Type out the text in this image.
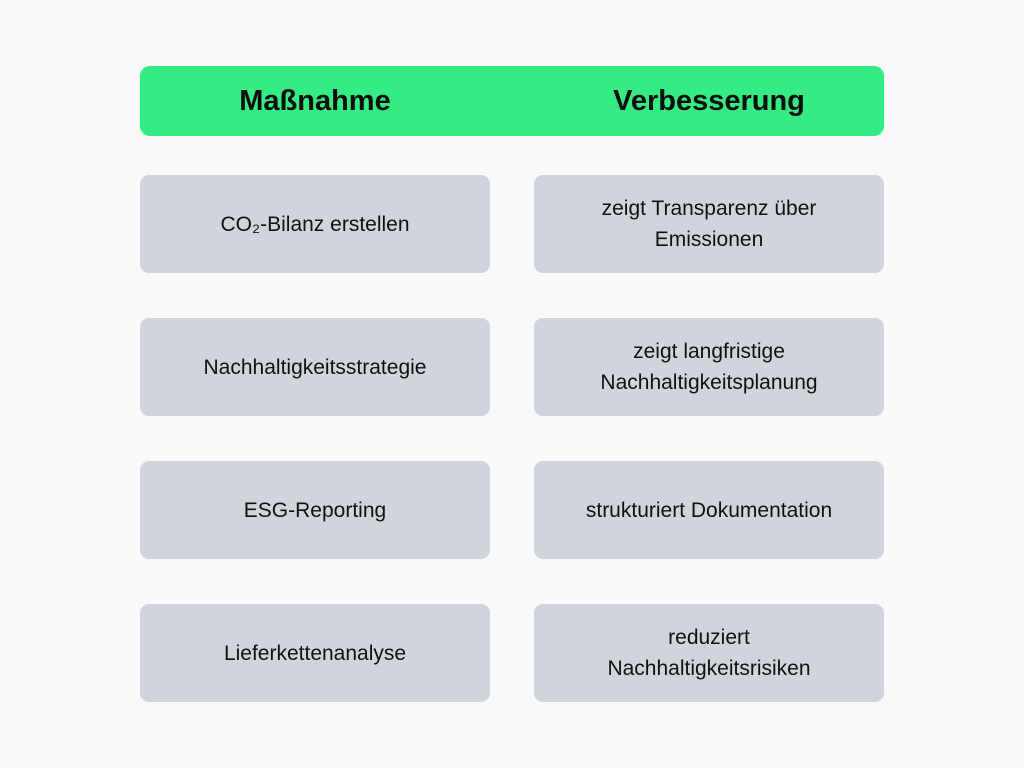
Maßnahme	Verbesserung
CO₂-Bilanz erstellen
zeigt Transparenz über Emissionen
Nachhaltigkeitsstrategie
zeigt langfristige Nachhaltigkeitsplanung
ESG-Reporting	strukturiert Dokumentation
Lieferkettenanalyse
reduziert Nachhaltigkeitsrisiken
